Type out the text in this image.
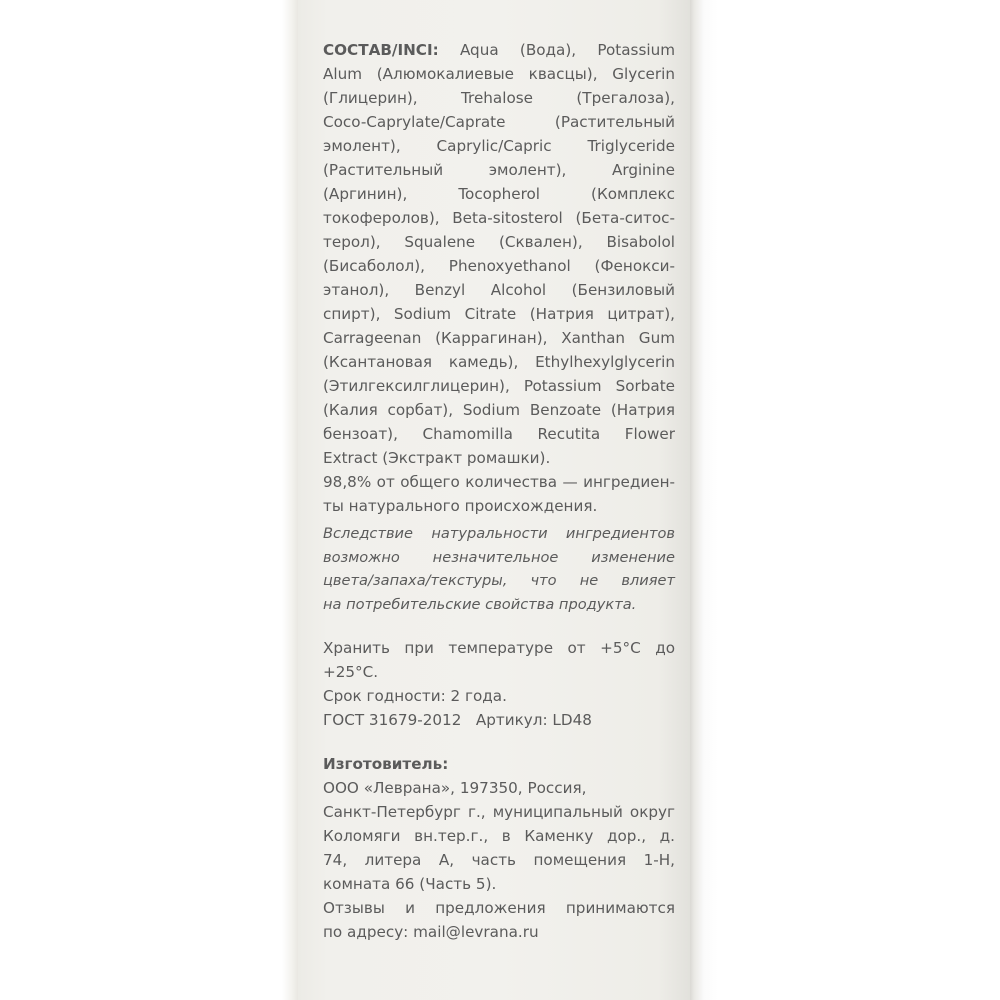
СОСТАВ/INCI: Aqua (Вода), Potassium
Alum (Алюмокалиевые квасцы), Glycerin
(Глицерин), Trehalose (Трегалоза),
Coco-Caprylate/Caprate (Растительный
эмолент), Caprylic/Capric Triglyceride
(Растительный эмолент), Arginine
(Аргинин), Tocopherol (Комплекс
токоферолов), Beta-sitosterol (Бета-ситос-
терол), Squalene (Сквален), Bisabolol
(Бисаболол), Phenoxyethanol (Фенокси-
этанол), Benzyl Alcohol (Бензиловый
спирт), Sodium Citrate (Натрия цитрат),
Carrageenan (Каррагинан), Xanthan Gum
(Ксантановая камедь), Ethylhexylglycerin
(Этилгексилглицерин), Potassium Sorbate
(Калия сорбат), Sodium Benzoate (Натрия
бензоат), Chamomilla Recutita Flower
Extract (Экстракт ромашки).
98,8% от общего количества — ингредиен-
ты натурального происхождения.
Вследствие натуральности ингредиентов
возможно незначительное изменение
цвета/запаха/текстуры, что не влияет
на потребительские свойства продукта.
Хранить при температуре от +5°C до
+25°C.
Срок годности: 2 года.
ГОСТ 31679-2012 Артикул: LD48
Изготовитель:
ООО «Леврана», 197350, Россия,
Санкт-Петербург г., муниципальный округ
Коломяги вн.тер.г., в Каменку дор., д.
74, литера А, часть помещения 1-Н,
комната 66 (Часть 5).
Отзывы и предложения принимаются
по адресу: mail@levrana.ru
